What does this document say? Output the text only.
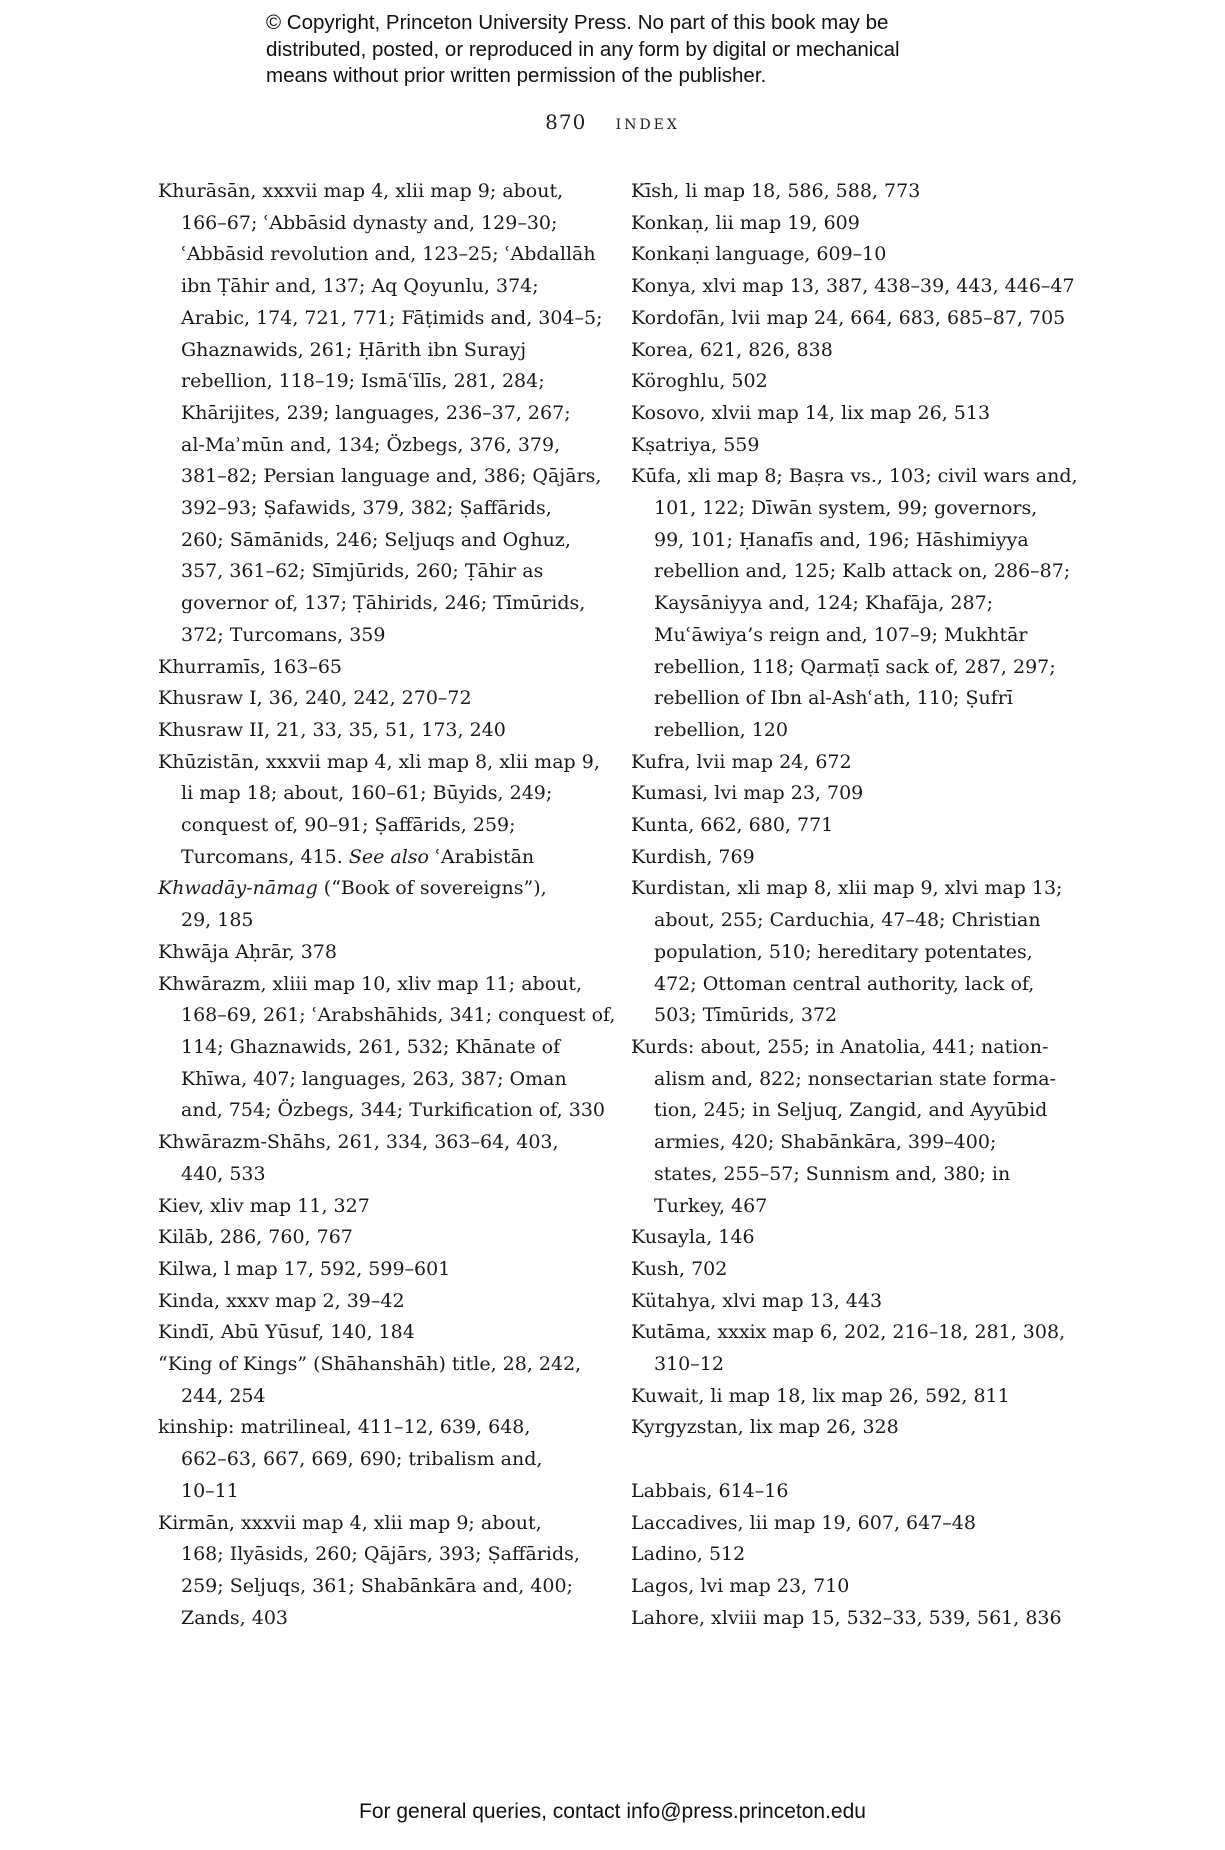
© Copyright, Princeton University Press. No part of this book may be
distributed, posted, or reproduced in any form by digital or mechanical
means without prior written permission of the publisher.
870 index
Khurāsān, xxxvii map 4, xlii map 9; about,
166–67; ʿAbbāsid dynasty and, 129–30;
ʿAbbāsid revolution and, 123–25; ʿAbdallāh
ibn Ṭāhir and, 137; Aq Qoyunlu, 374;
Arabic, 174, 721, 771; Fāṭimids and, 304–5;
Ghaznawids, 261; Ḥārith ibn Surayj
rebellion, 118–19; Ismāʿīlīs, 281, 284;
Khārijites, 239; languages, 236–37, 267;
al-Maʾmūn and, 134; Özbegs, 376, 379,
381–82; Persian language and, 386; Qājārs,
392–93; Ṣafawids, 379, 382; Ṣaffārids,
260; Sāmānids, 246; Seljuqs and Oghuz,
357, 361–62; Sīmjūrids, 260; Ṭāhir as
governor of, 137; Ṭāhirids, 246; Tīmūrids,
372; Turcomans, 359
Khurramīs, 163–65
Khusraw I, 36, 240, 242, 270–72
Khusraw II, 21, 33, 35, 51, 173, 240
Khūzistān, xxxvii map 4, xli map 8, xlii map 9,
li map 18; about, 160–61; Būyids, 249;
conquest of, 90–91; Ṣaffārids, 259;
Turcomans, 415. See also ʿArabistān
Khwadāy-nāmag (“Book of sovereigns”),
29, 185
Khwāja Aḥrār, 378
Khwārazm, xliii map 10, xliv map 11; about,
168–69, 261; ʿArabshāhids, 341; conquest of,
114; Ghaznawids, 261, 532; Khānate of
Khīwa, 407; languages, 263, 387; Oman
and, 754; Özbegs, 344; Turkification of, 330
Khwārazm-Shāhs, 261, 334, 363–64, 403,
440, 533
Kiev, xliv map 11, 327
Kilāb, 286, 760, 767
Kilwa, l map 17, 592, 599–601
Kinda, xxxv map 2, 39–42
Kindī, Abū Yūsuf, 140, 184
“King of Kings” (Shāhanshāh) title, 28, 242,
244, 254
kinship: matrilineal, 411–12, 639, 648,
662–63, 667, 669, 690; tribalism and,
10–11
Kirmān, xxxvii map 4, xlii map 9; about,
168; Ilyāsids, 260; Qājārs, 393; Ṣaffārids,
259; Seljuqs, 361; Shabānkāra and, 400;
Zands, 403
Kīsh, li map 18, 586, 588, 773
Konkaṇ, lii map 19, 609
Konkaṇi language, 609–10
Konya, xlvi map 13, 387, 438–39, 443, 446–47
Kordofān, lvii map 24, 664, 683, 685–87, 705
Korea, 621, 826, 838
Köroghlu, 502
Kosovo, xlvii map 14, lix map 26, 513
Kṣatriya, 559
Kūfa, xli map 8; Baṣra vs., 103; civil wars and,
101, 122; Dīwān system, 99; governors,
99, 101; Ḥanafīs and, 196; Hāshimiyya
rebellion and, 125; Kalb attack on, 286–87;
Kaysāniyya and, 124; Khafāja, 287;
Muʿāwiya’s reign and, 107–9; Mukhtār
rebellion, 118; Qarmaṭī sack of, 287, 297;
rebellion of Ibn al-Ashʿath, 110; Ṣufrī
rebellion, 120
Kufra, lvii map 24, 672
Kumasi, lvi map 23, 709
Kunta, 662, 680, 771
Kurdish, 769
Kurdistan, xli map 8, xlii map 9, xlvi map 13;
about, 255; Carduchia, 47–48; Christian
population, 510; hereditary potentates,
472; Ottoman central authority, lack of,
503; Tīmūrids, 372
Kurds: about, 255; in Anatolia, 441; nation-
alism and, 822; nonsectarian state forma-
tion, 245; in Seljuq, Zangid, and Ayyūbid
armies, 420; Shabānkāra, 399–400;
states, 255–57; Sunnism and, 380; in
Turkey, 467
Kusayla, 146
Kush, 702
Kütahya, xlvi map 13, 443
Kutāma, xxxix map 6, 202, 216–18, 281, 308,
310–12
Kuwait, li map 18, lix map 26, 592, 811
Kyrgyzstan, lix map 26, 328
Labbais, 614–16
Laccadives, lii map 19, 607, 647–48
Ladino, 512
Lagos, lvi map 23, 710
Lahore, xlviii map 15, 532–33, 539, 561, 836
For general queries, contact info@press.princeton.edu
